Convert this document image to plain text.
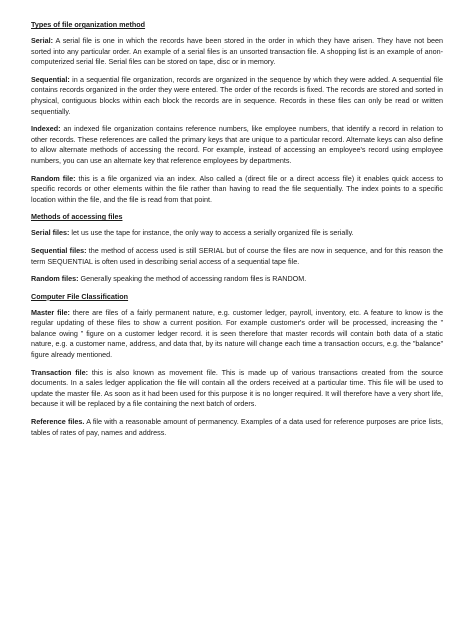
Types of file organization method

Serial: A serial file is one in which the records have been stored in the order in which they have arisen. They have not been sorted into any particular order. An example of a serial files is an unsorted transaction file. A shopping list is an example of anon-computerized serial file. Serial files can be stored on tape, disc or in memory.

Sequential: in a sequential file organization, records are organized in the sequence by which they were added. A sequential file contains records organized in the order they were entered. The order of the records is fixed. The records are stored and sorted in physical, contiguous blocks within each block the records are in sequence. Records in these files can only be read or written sequentially.

Indexed: an indexed file organization contains reference numbers, like employee numbers, that identify a record in relation to other records. These references are called the primary keys that are unique to a particular record. Alternate keys can also define to allow alternate methods of accessing the record. For example, instead of accessing an employee's record using employee numbers, you can use an alternate key that reference employees by departments.

Random file: this is a file organized via an index. Also called a (direct file or a direct access file) it enables quick access to specific records or other elements within the file rather than having to read the file sequentially. The index points to a specific location within the file, and the file is read from that point.

Methods of accessing files

Serial files: let us use the tape for instance, the only way to access a serially organized file is serially.

Sequential files: the method of access used is still SERIAL but of course the files are now in sequence, and for this reason the term SEQUENTIAL is often used in describing serial access of a sequential tape file.

Random files: Generally speaking the method of accessing random files is RANDOM.

Computer File Classification

Master file: there are files of a fairly permanent nature, e.g. customer ledger, payroll, inventory, etc. A feature to know is the regular updating of these files to show a current position. For example customer's order will be processed, increasing the ” balance owing ” figure on a customer ledger record. it is seen therefore that master records will contain both data of a static nature, e.g. a customer name, address, and data that, by its nature will change each time a transaction occurs, e.g. the ”balance” figure already mentioned.

Transaction file: this is also known as movement file. This is made up of various transactions created from the source documents. In a sales ledger application the file will contain all the orders received at a particular time. This file will be used to update the master file. As soon as it had been used for this purpose it is no longer required. It will therefore have a very short life, because it will be replaced by a file containing the next batch of orders.

Reference files. A file with a reasonable amount of permanency. Examples of a data used for reference purposes are price lists, tables of rates of pay, names and address.
